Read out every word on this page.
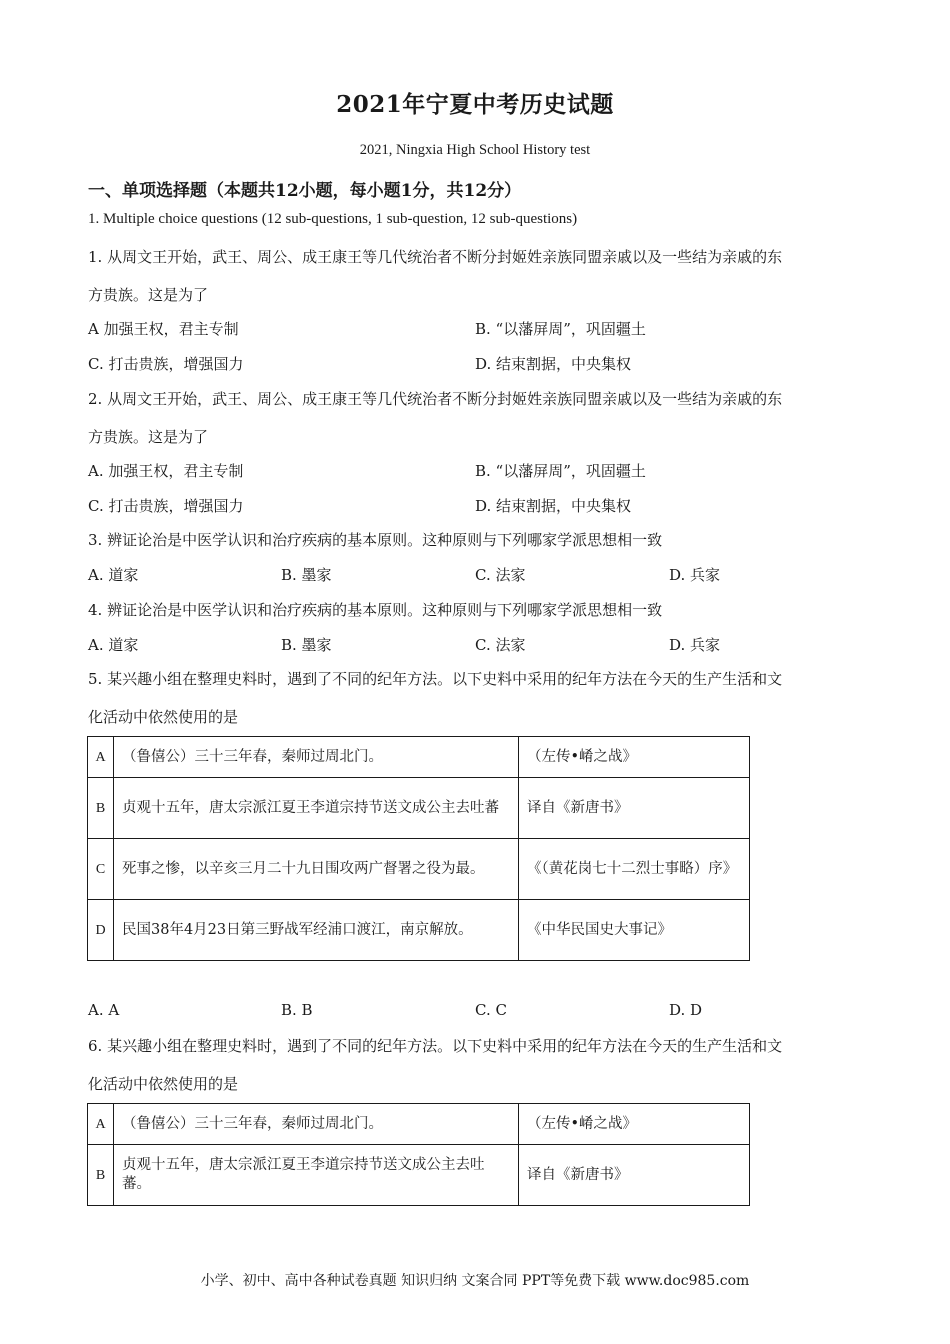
2021年宁夏中考历史试题
2021, Ningxia High School History test
一、单项选择题（本题共12小题，每小题1分，共12分）
1. Multiple choice questions (12 sub-questions, 1 sub-question, 12 sub-questions)
1. 从周文王开始，武王、周公、成王康王等几代统治者不断分封姬姓亲族同盟亲戚以及一些结为亲戚的东
方贵族。这是为了
A 加强王权，君主专制	B. “以藩屏周”，巩固疆土
C. 打击贵族，增强国力	D. 结束割据，中央集权
2. 从周文王开始，武王、周公、成王康王等几代统治者不断分封姬姓亲族同盟亲戚以及一些结为亲戚的东
方贵族。这是为了
A. 加强王权，君主专制	B. “以藩屏周”，巩固疆土
C. 打击贵族，增强国力	D. 结束割据，中央集权
3. 辨证论治是中医学认识和治疗疾病的基本原则。这种原则与下列哪家学派思想相一致
A. 道家	B. 墨家	C. 法家	D. 兵家
4. 辨证论治是中医学认识和治疗疾病的基本原则。这种原则与下列哪家学派思想相一致
A. 道家	B. 墨家	C. 法家	D. 兵家
5. 某兴趣小组在整理史料时，遇到了不同的纪年方法。以下史料中采用的纪年方法在今天的生产生活和文
化活动中依然使用的是
A	（鲁僖公）三十三年春，秦师过周北门。	（左传•崤之战》
B	贞观十五年，唐太宗派江夏王李道宗持节送文成公主去吐蕃	译自《新唐书》
C	死事之惨，以辛亥三月二十九日围攻两广督署之役为最。	《（黄花岗七十二烈士事略）序》
D	民国38年4月23日第三野战军经浦口渡江，南京解放。	《中华民国史大事记》
A. A	B. B	C. C	D. D
6. 某兴趣小组在整理史料时，遇到了不同的纪年方法。以下史料中采用的纪年方法在今天的生产生活和文
化活动中依然使用的是
A	（鲁僖公）三十三年春，秦师过周北门。	（左传•崤之战》
B	贞观十五年，唐太宗派江夏王李道宗持节送文成公主去吐蕃。	译自《新唐书》
小学、初中、高中各种试卷真题 知识归纳 文案合同 PPT等免费下载 www.doc985.com
